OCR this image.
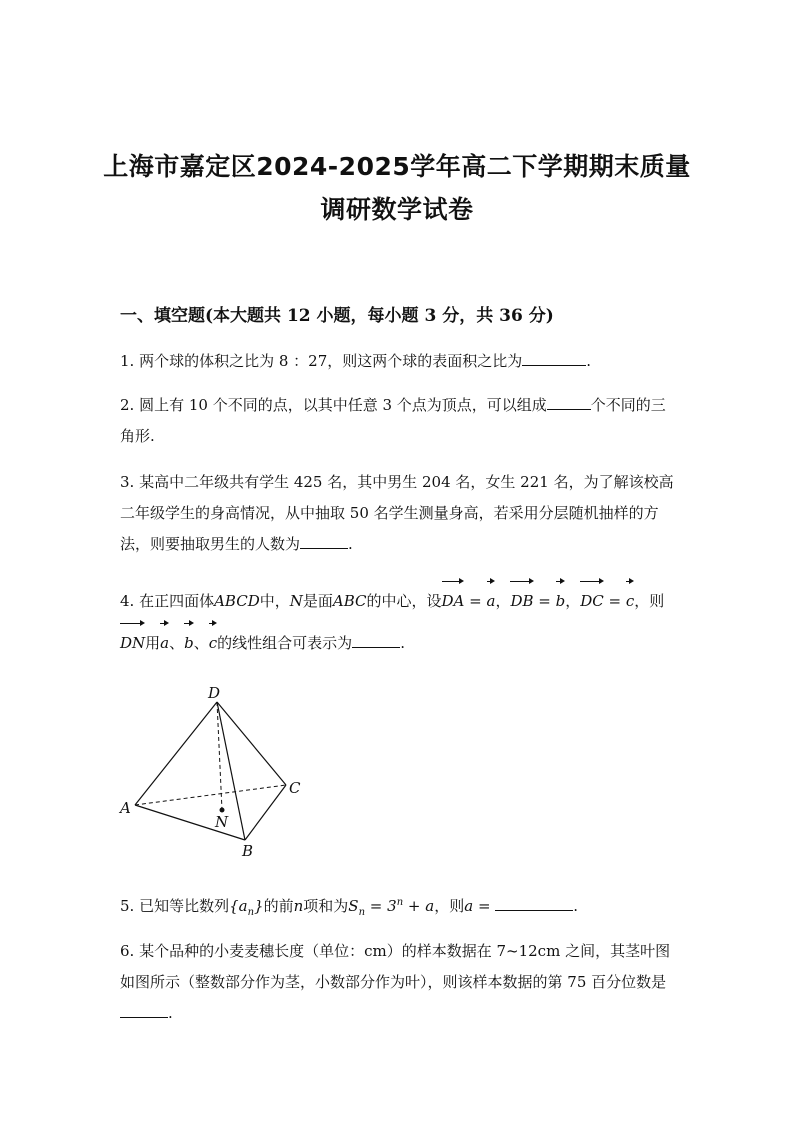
上海市嘉定区2024-2025学年高二下学期期末质量
调研数学试卷
一、填空题(本大题共 12 小题，每小题 3 分，共 36 分)
1. 两个球的体积之比为 8 ：27，则这两个球的表面积之比为	.
2. 圆上有 10 个不同的点，以其中任意 3 个点为顶点，可以组成	个不同的三角形.
3. 某高中二年级共有学生 425 名，其中男生 204 名，女生 221 名，为了解该校高二年级学生的身高情况，从中抽取 50 名学生测量身高，若采用分层随机抽样的方法，则要抽取男生的人数为	.
4. 在正四面体ABCD中，N是面ABC的中心，设DA = a，DB = b，DC = c，则
DN用a、b、c的线性组合可表示为	.
D
A
B
C
N
5. 已知等比数列$\{a_n\}$的前n项和为$S_n = 3^n + a$，则a =	.
6. 某个品种的小麦麦穗长度（单位：cm）的样本数据在 7~12cm 之间，其茎叶图如图所示（整数部分作为茎，小数部分作为叶），则该样本数据的第 75 百分位数是.
